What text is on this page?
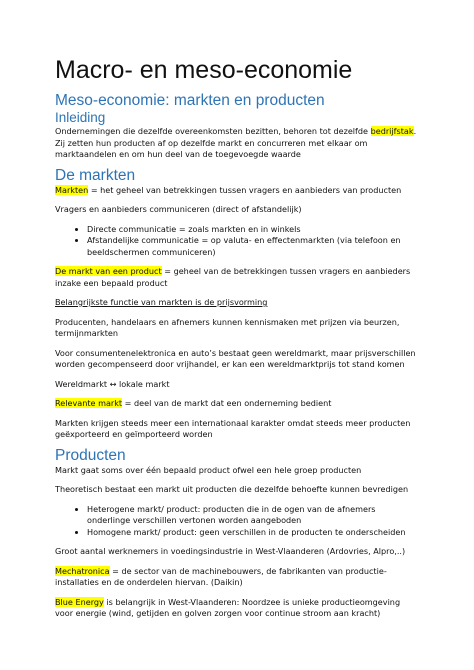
Macro- en meso-economie
Meso-economie: markten en producten
Inleiding

Ondernemingen die dezelfde overeenkomsten bezitten, behoren tot dezelfde bedrijfstak. Zij zetten hun producten af op dezelfde markt en concurreren met elkaar om marktaandelen en om hun deel van de toegevoegde waarde

De markten

Markten = het geheel van betrekkingen tussen vragers en aanbieders van producten

Vragers en aanbieders communiceren (direct of afstandelijk)

• Directe communicatie = zoals markten en in winkels
• Afstandelijke communicatie = op valuta- en effectenmarkten (via telefoon en beeldschermen communiceren)

De markt van een product = geheel van de betrekkingen tussen vragers en aanbieders inzake een bepaald product

Belangrijkste functie van markten is de prijsvorming

Producenten, handelaars en afnemers kunnen kennismaken met prijzen via beurzen, termijnmarkten

Voor consumentenelektronica en auto’s bestaat geen wereldmarkt, maar prijsverschillen worden gecompenseerd door vrijhandel, er kan een wereldmarktprijs tot stand komen

Wereldmarkt ↔ lokale markt

Relevante markt = deel van de markt dat een onderneming bedient

Markten krijgen steeds meer een internationaal karakter omdat steeds meer producten geëxporteerd en geïmporteerd worden

Producten

Markt gaat soms over één bepaald product ofwel een hele groep producten

Theoretisch bestaat een markt uit producten die dezelfde behoefte kunnen bevredigen

• Heterogene markt/ product: producten die in de ogen van de afnemers onderlinge verschillen vertonen worden aangeboden
• Homogene markt/ product: geen verschillen in de producten te onderscheiden

Groot aantal werknemers in voedingsindustrie in West-Vlaanderen (Ardovries, Alpro,..)

Mechatronica = de sector van de machinebouwers, de fabrikanten van productie-installaties en de onderdelen hiervan. (Daikin)

Blue Energy is belangrijk in West-Vlaanderen: Noordzee is unieke productieomgeving voor energie (wind, getijden en golven zorgen voor continue stroom aan kracht)
